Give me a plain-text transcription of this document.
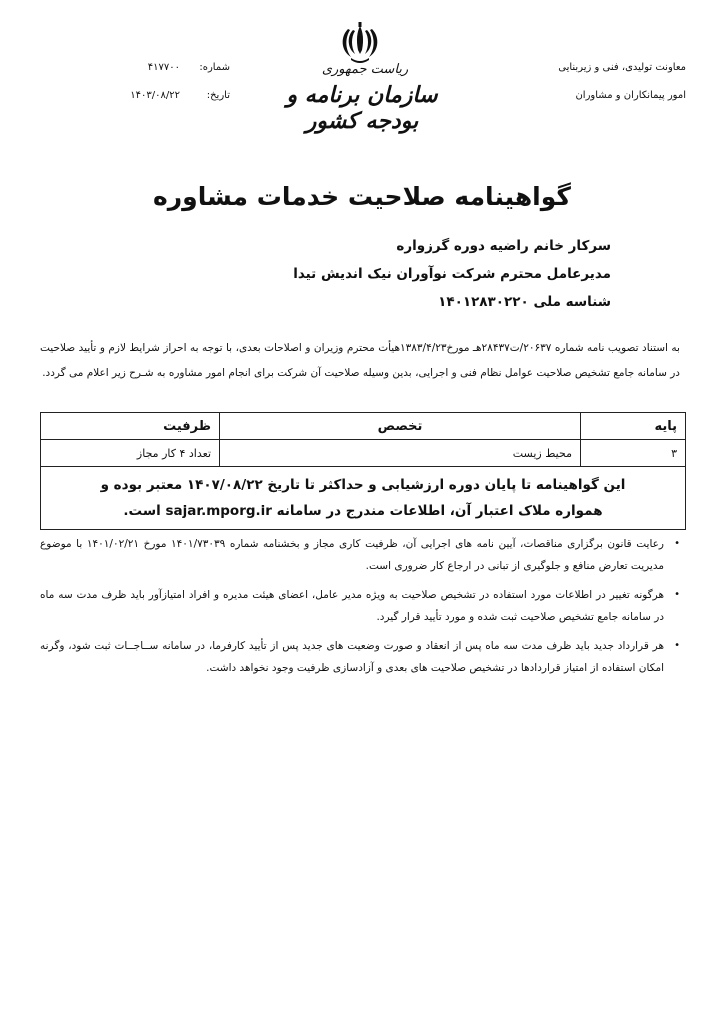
معاونت تولیدی، فنی و زیربنایی
امور پیمانکاران و مشاوران
شماره:
۴۱۷۷۰۰
تاریخ:
۱۴۰۳/۰۸/۲۲
ریاست جمهوری
سازمان برنامه و بودجه کشور
گواهینامه صلاحیت خدمات مشاوره
سرکار خانم راضیه دوره گرزواره
مدیرعامل محترم شرکت نوآوران نیک اندیش تیدا
شناسه ملی ۱۴۰۱۲۸۳۰۲۲۰
به استناد تصویب نامه شماره ۲۰۶۳۷/ت۲۸۴۳۷هـ مورخ۱۳۸۳/۴/۲۳هیأت محترم وزیران و اصلاحات بعدی، با توجه به احراز شرایط لازم و تأیید صلاحیت در سامانه جامع تشخیص صلاحیت عوامل نظام فنی و اجرایی، بدین وسیله صلاحیت آن شرکت برای انجام امور مشاوره به شـرح زیر اعلام می گردد.
پایه	تخصص	ظرفیت
۳	محیط زیست	تعداد ۴ کار مجاز

این گواهینامه تا پایان دوره ارزشیابی و حداکثر تا تاریخ ۱۴۰۷/۰۸/۲۲ معتبر بوده و
همواره ملاک اعتبار آن، اطلاعات مندرج در سامانه sajar.mporg.ir است.		
•
رعایت قانون برگزاری مناقصات، آیین نامه های اجرایی آن، ظرفیت کاری مجاز و بخشنامه شماره ۱۴۰۱/۷۳۰۳۹ مورخ ۱۴۰۱/۰۲/۲۱ با موضوع مدیریت تعارض منافع و جلوگیری از تبانی در ارجاع کار ضروری است.
•
هرگونه تغییر در اطلاعات مورد استفاده در تشخیص صلاحیت به ویژه مدیر عامل، اعضای هیئت مدیره و افراد امتیازآور باید ظرف مدت سه ماه در سامانه جامع تشخیص صلاحیت ثبت شده و مورد تأیید قرار گیرد.
•
هر قرارداد جدید باید ظرف مدت سه ماه پس از انعقاد و صورت وضعیت های جدید پس از تأیید کارفرما، در سامانه ســاجــات ثبت شود، وگرنه امکان استفاده از امتیاز قراردادها در تشخیص صلاحیت های بعدی و آزادسازی ظرفیت وجود نخواهد داشت.
